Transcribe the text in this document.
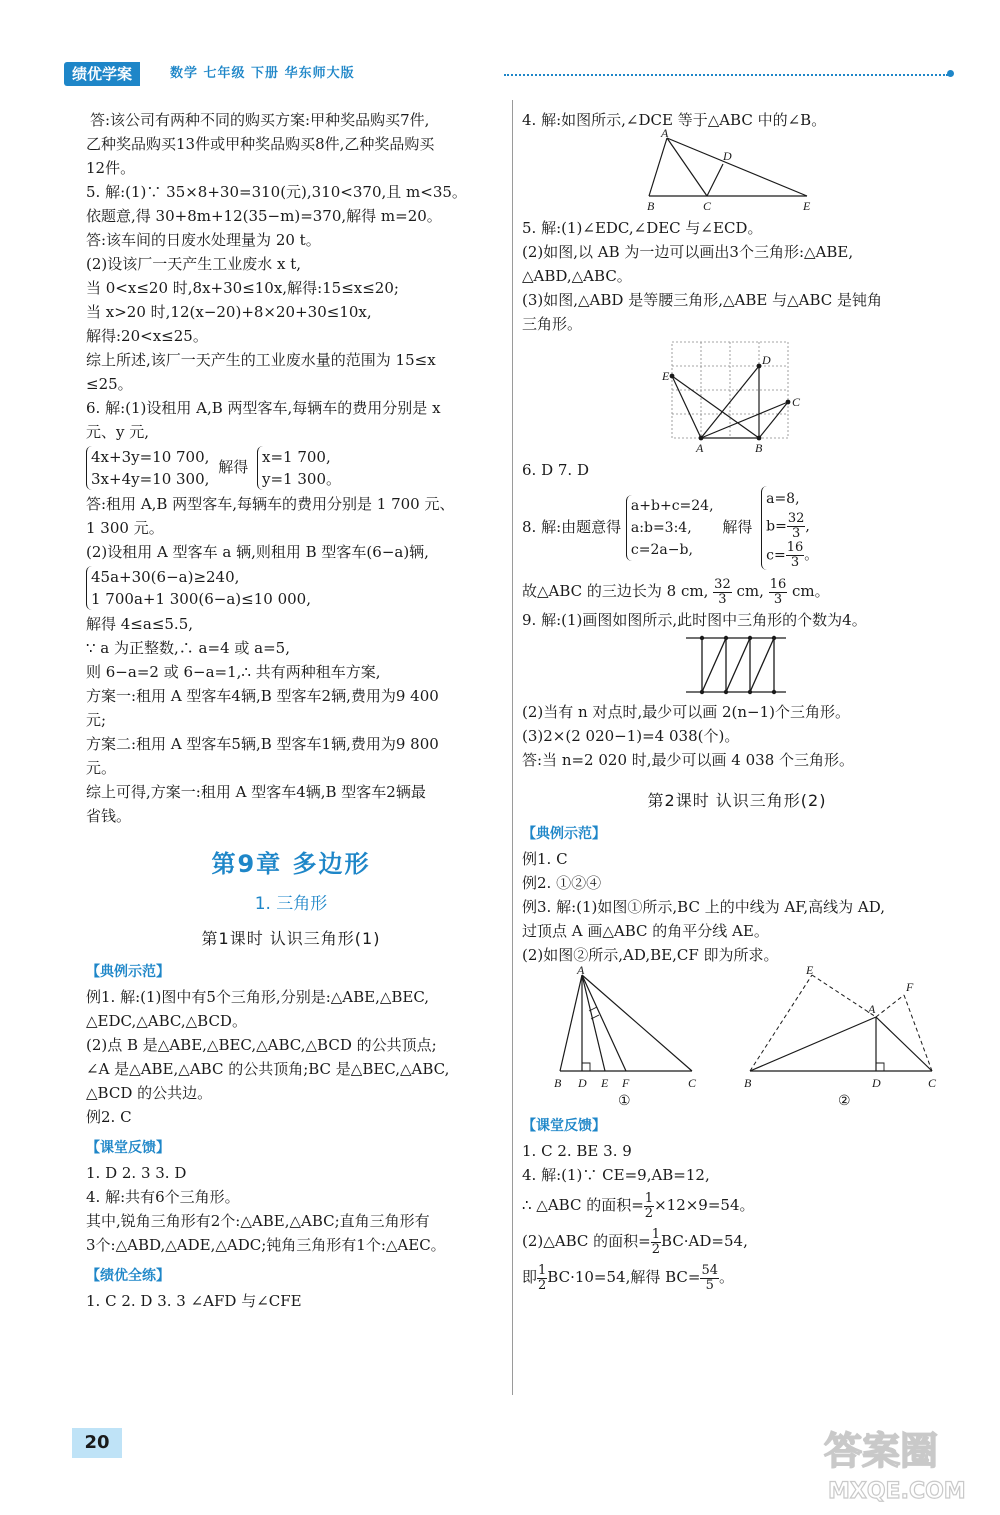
绩优学案	数学 七年级 下册 华东师大版

答:该公司有两种不同的购买方案:甲种奖品购买7件,

乙种奖品购买13件或甲种奖品购买8件,乙种奖品购买

12件。

5. 解:(1)∵ 35×8+30=310(元),310<370,且 m<35。

依题意,得 30+8m+12(35−m)=370,解得 m=20。

答:该车间的日废水处理量为 20 t。

(2)设该厂一天产生工业废水 x t,

当 0<x≤20 时,8x+30≤10x,解得:15≤x≤20;

当 x>20 时,12(x−20)+8×20+30≤10x,

解得:20<x≤25。

综上所述,该厂一天产生的工业废水量的范围为 15≤x

≤25。

6. 解:(1)设租用 A,B 两型客车,每辆车的费用分别是 x

元、y 元,

4x+3y=10 700,
3x+4y=10 300,
解得
x=1 700,
y=1 300。

答:租用 A,B 两型客车,每辆车的费用分别是 1 700 元、

1 300 元。

(2)设租用 A 型客车 a 辆,则租用 B 型客车(6−a)辆,

45a+30(6−a)≥240,
1 700a+1 300(6−a)≤10 000,

解得 4≤a≤5.5,

∵ a 为正整数,∴ a=4 或 a=5,

则 6−a=2 或 6−a=1,∴ 共有两种租车方案,

方案一:租用 A 型客车4辆,B 型客车2辆,费用为9 400

元;

方案二:租用 A 型客车5辆,B 型客车1辆,费用为9 800

元。

综上可得,方案一:租用 A 型客车4辆,B 型客车2辆最

省钱。

第9章 多边形
1. 三角形
第1课时 认识三角形(1)
【典例示范】

例1. 解:(1)图中有5个三角形,分别是:△ABE,△BEC,

△EDC,△ABC,△BCD。

(2)点 B 是△ABE,△BEC,△ABC,△BCD 的公共顶点;

∠A 是△ABE,△ABC 的公共顶角;BC 是△BEC,△ABC,

△BCD 的公共边。

例2. C

【课堂反馈】

1. D 2. 3 3. D

4. 解:共有6个三角形。

其中,锐角三角形有2个:△ABE,△ABC;直角三角形有

3个:△ABD,△ADE,△ADC;钝角三角形有1个:△AEC。

【绩优全练】

1. C 2. D 3. 3 ∠AFD 与∠CFE

4. 解:如图所示,∠DCE 等于△ABC 中的∠B。

A
B	C
D
E

5. 解:(1)∠EDC,∠DEC 与∠ECD。

(2)如图,以 AB 为一边可以画出3个三角形:△ABE,

△ABD,△ABC。

(3)如图,△ABD 是等腰三角形,△ABE 与△ABC 是钝角

三角形。

A	B
C
D
E

6. D 7. D

8. 解:由题意得
a+b+c=24,
a:b=3:4,
c=2a−b,
解得
a=8,
$b= \frac{32}{3}$ ,
$c= \frac{16}{3}$ 。
故△ABC 的三边长为 8 cm, $\frac{32}{3}$ cm, $\frac{16}{3}$ cm。

9. 解:(1)画图如图所示,此时图中三角形的个数为4。

(2)当有 n 对点时,最少可以画 2(n−1)个三角形。

(3)2×(2 020−1)=4 038(个)。

答:当 n=2 020 时,最少可以画 4 038 个三角形。

第2课时 认识三角形(2)
【典例示范】

例1. C

例2. ①②④

例3. 解:(1)如图①所示,BC 上的中线为 AF,高线为 AD,

过顶点 A 画△ABC 的角平分线 AE。

(2)如图②所示,AD,BE,CF 即为所求。

A
B D E F	C
①
A
B	D	C
E
F
②
【课堂反馈】

1. C 2. BE 3. 9

4. 解:(1)∵ CE=9,AB=12,

∴ △ABC 的面积= $\frac{1}{2} \times 12\times 9=54$。
(2)△ABC 的面积= $\frac{1}{2} BC\cdot AD=54$,
即 $\frac{1}{2} BC\cdot 10=54$,解得 $BC= \frac{54}{5}$ 。
20	答案圈
MXQE.COM
